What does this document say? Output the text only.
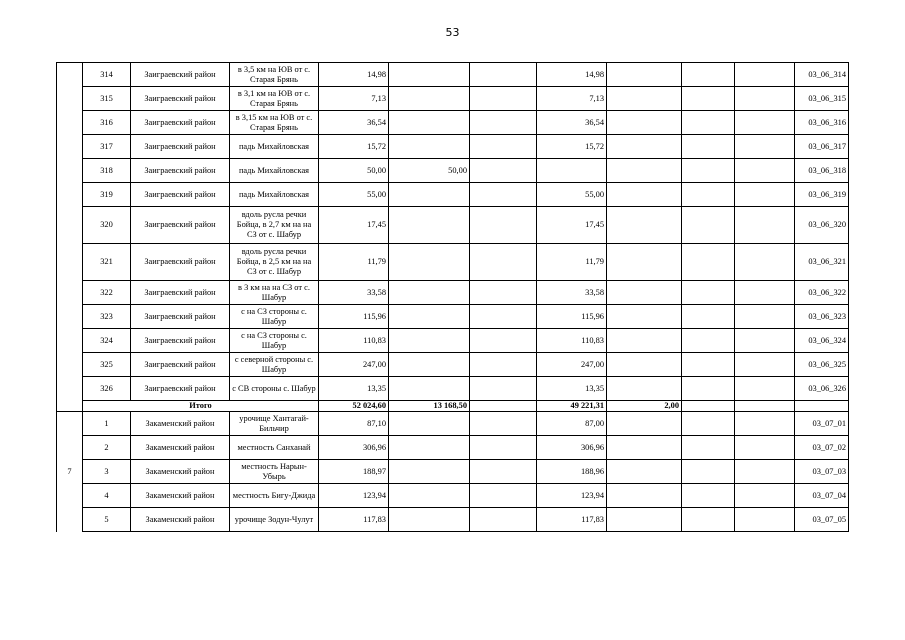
53
	314	Заиграевский район	в 3,5 км на ЮВ от с. Старая Брянь	14,98			14,98				03_06_314
	315	Заиграевский район	в 3,1 км на ЮВ от с. Старая Брянь	7,13			7,13				03_06_315
	316	Заиграевский район	в 3,15 км на ЮВ от с. Старая Брянь	36,54			36,54				03_06_316
	317	Заиграевский район	падь Михайловская	15,72			15,72				03_06_317
	318	Заиграевский район	падь Михайловская	50,00	50,00						03_06_318
	319	Заиграевский район	падь Михайловская	55,00			55,00				03_06_319
	320	Заиграевский район	вдоль русла речки Бойца, в 2,7 км на на СЗ от с. Шабур	17,45			17,45				03_06_320
	321	Заиграевский район	вдоль русла речки Бойца, в 2,5 км на на СЗ от с. Шабур	11,79			11,79				03_06_321
	322	Заиграевский район	в 3 км на на СЗ от с. Шабур	33,58			33,58				03_06_322
	323	Заиграевский район	с на СЗ стороны с. Шабур	115,96			115,96				03_06_323
	324	Заиграевский район	с на СЗ стороны с. Шабур	110,83			110,83				03_06_324
	325	Заиграевский район	с северной стороны с. Шабур	247,00			247,00				03_06_325
	326	Заиграевский район	с СВ стороны с. Шабур	13,35			13,35				03_06_326
	Итого			52 024,60	13 168,50		49 221,31	2,00			
7	1	Закаменский район	урочище Хантагай-Бильчир	87,10			87,00				03_07_01
	2	Закаменский район	местность Санханай	306,96			306,96				03_07_02
	3	Закаменский район	местность Нарын-Убырь	188,97			188,96				03_07_03
	4	Закаменский район	местность Бигу-Джида	123,94			123,94				03_07_04
	5	Закаменский район	урочище Зодун-Чулут	117,83			117,83				03_07_05
